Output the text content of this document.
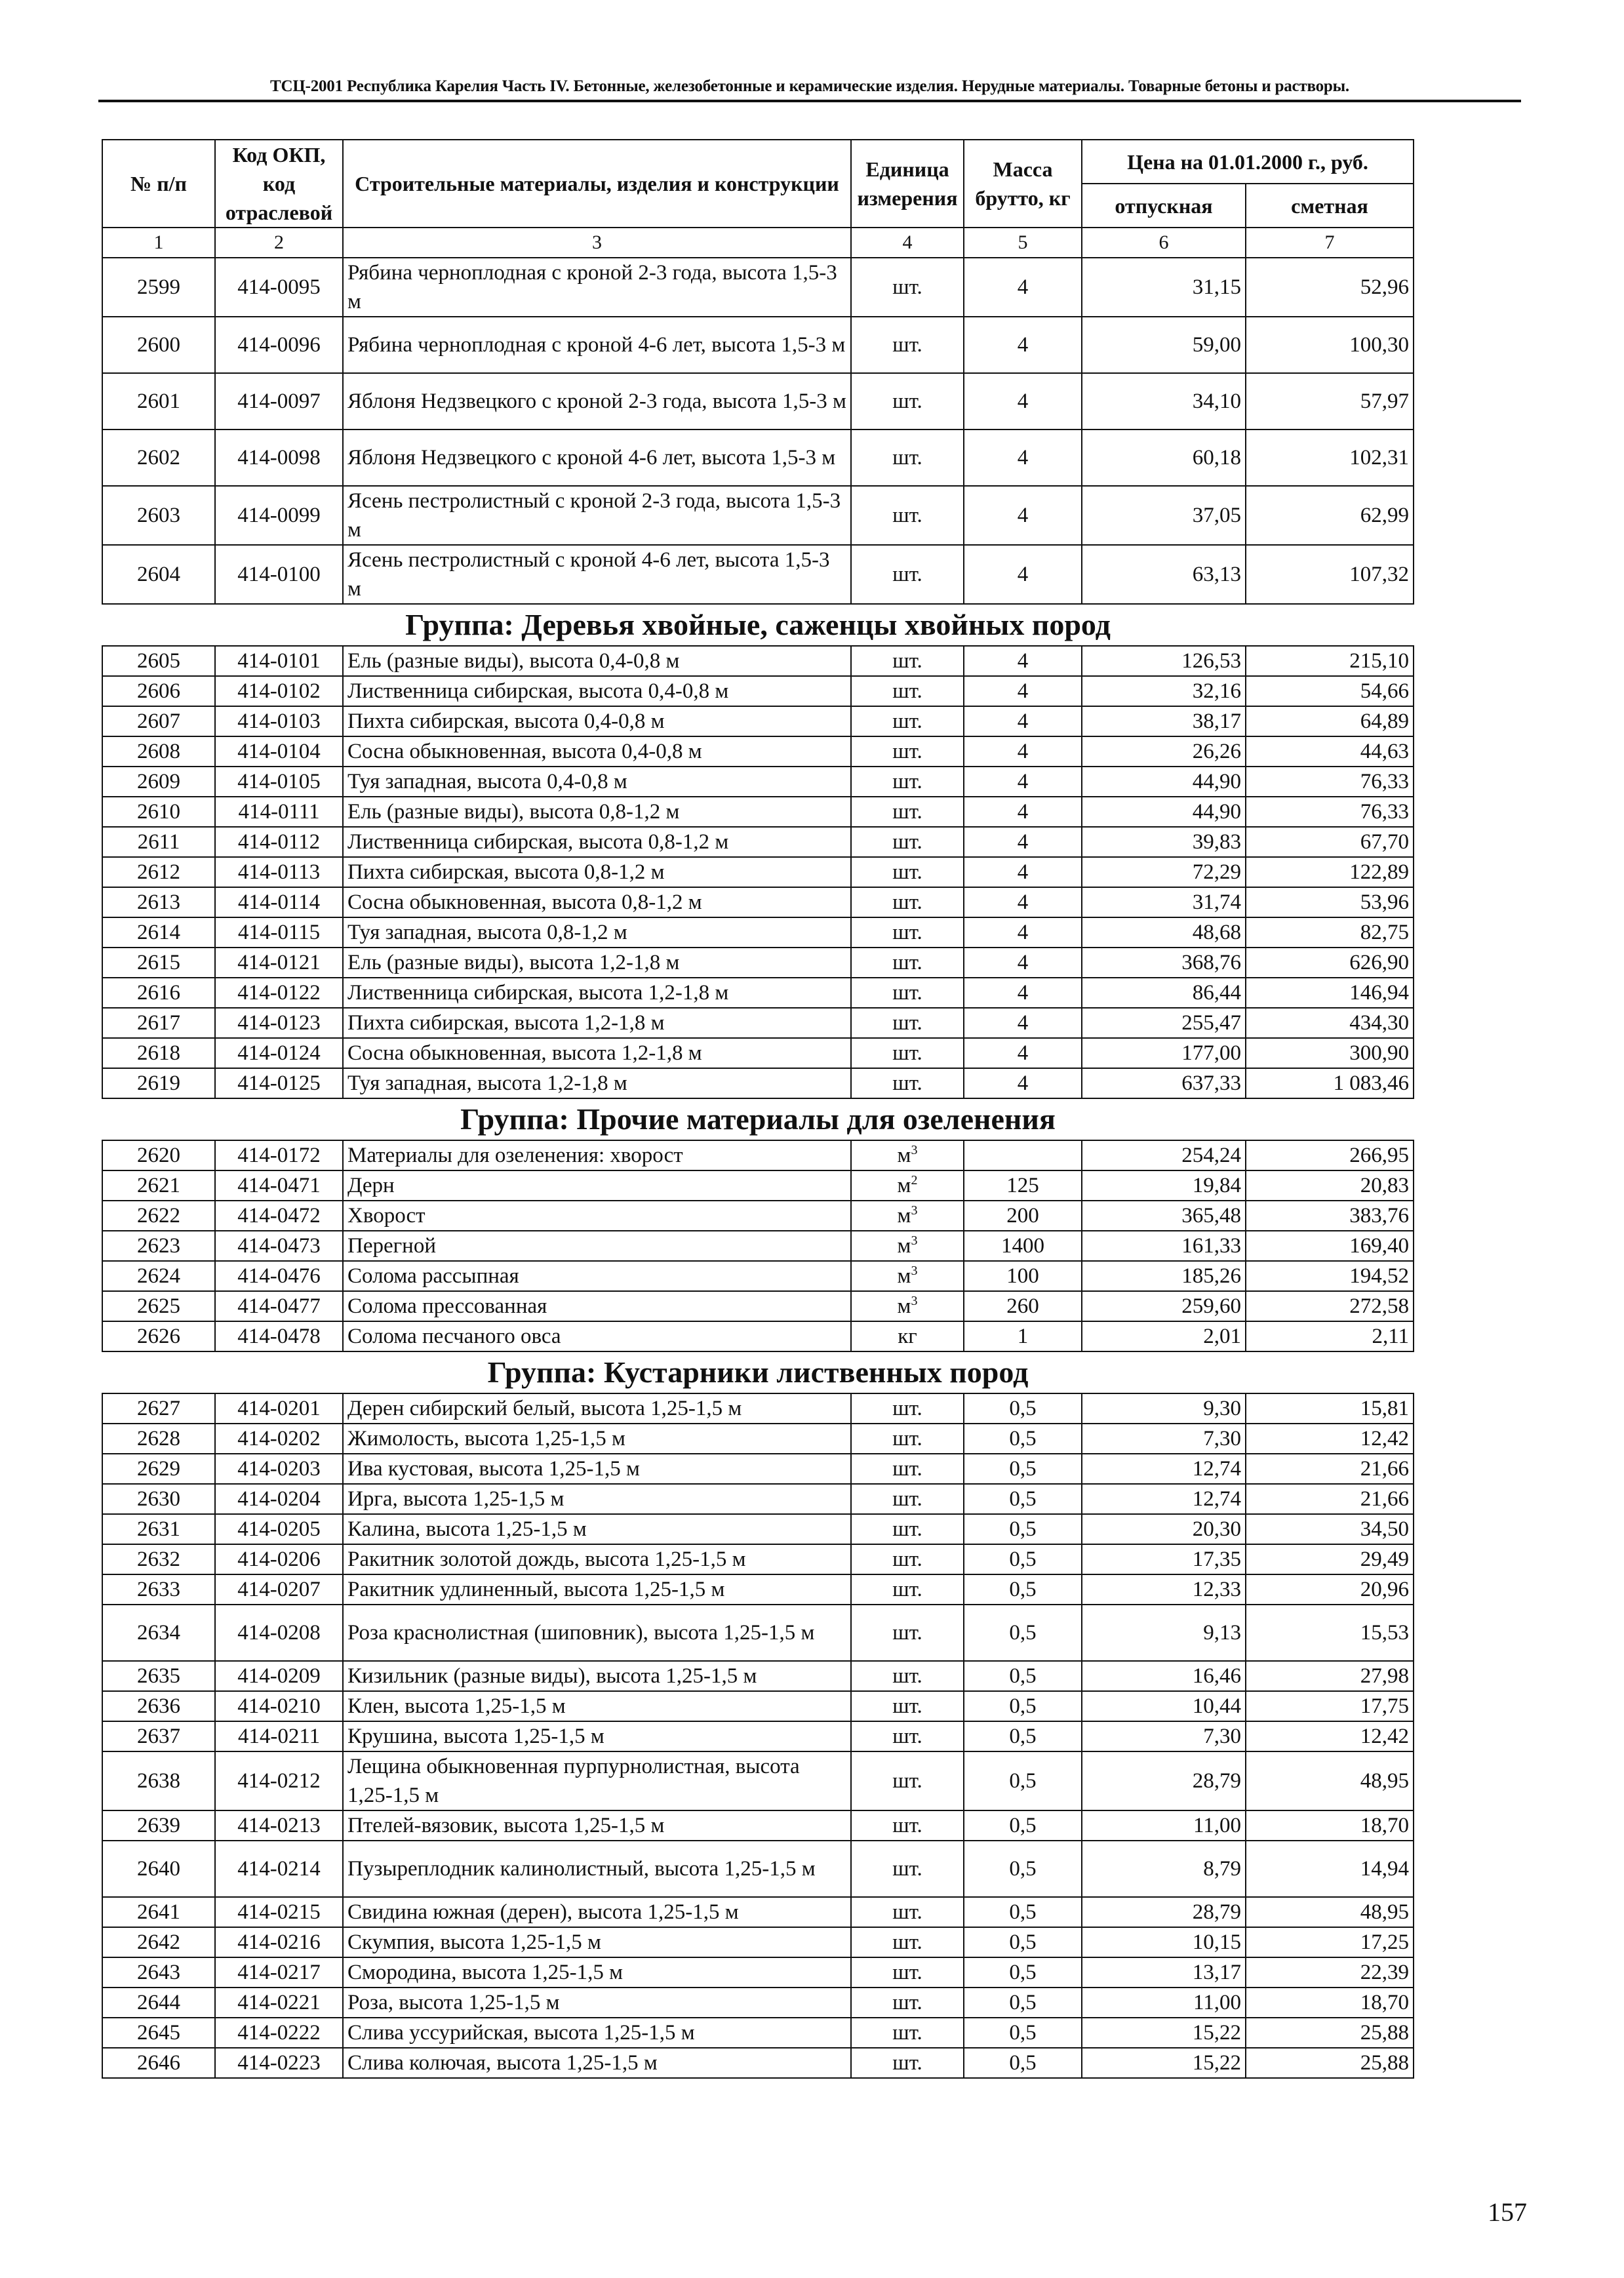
ТСЦ-2001 Республика Карелия Часть IV. Бетонные, железобетонные и керамические изделия. Нерудные материалы. Товарные бетоны и растворы.
№ п/п	Код ОКП, код отраслевой	Строительные материалы, изделия и конструкции	Единица измерения	Масса брутто, кг	Цена на 01.01.2000 г., руб.	
					отпускная	сметная
1	2	3	4	5	6	7
2599	414-0095	Рябина черноплодная с кроной 2-3 года, высота 1,5-3 м	шт.	4	31,15	52,96
2600	414-0096	Рябина черноплодная с кроной 4-6 лет, высота 1,5-3 м	шт.	4	59,00	100,30
2601	414-0097	Яблоня Недзвецкого с кроной 2-3 года, высота 1,5-3 м	шт.	4	34,10	57,97
2602	414-0098	Яблоня Недзвецкого с кроной 4-6 лет, высота 1,5-3 м	шт.	4	60,18	102,31
2603	414-0099	Ясень пестролистный с кроной 2-3 года, высота 1,5-3 м	шт.	4	37,05	62,99
2604	414-0100	Ясень пестролистный с кроной 4-6 лет, высота 1,5-3 м	шт.	4	63,13	107,32
Группа: Деревья хвойные, саженцы хвойных пород						
2605	414-0101	Ель (разные виды), высота 0,4-0,8 м	шт.	4	126,53	215,10
2606	414-0102	Лиственница сибирская, высота 0,4-0,8 м	шт.	4	32,16	54,66
2607	414-0103	Пихта сибирская, высота 0,4-0,8 м	шт.	4	38,17	64,89
2608	414-0104	Сосна обыкновенная, высота 0,4-0,8 м	шт.	4	26,26	44,63
2609	414-0105	Туя западная, высота 0,4-0,8 м	шт.	4	44,90	76,33
2610	414-0111	Ель (разные виды), высота 0,8-1,2 м	шт.	4	44,90	76,33
2611	414-0112	Лиственница сибирская, высота 0,8-1,2 м	шт.	4	39,83	67,70
2612	414-0113	Пихта сибирская, высота 0,8-1,2 м	шт.	4	72,29	122,89
2613	414-0114	Сосна обыкновенная, высота 0,8-1,2 м	шт.	4	31,74	53,96
2614	414-0115	Туя западная, высота 0,8-1,2 м	шт.	4	48,68	82,75
2615	414-0121	Ель (разные виды), высота 1,2-1,8 м	шт.	4	368,76	626,90
2616	414-0122	Лиственница сибирская, высота 1,2-1,8 м	шт.	4	86,44	146,94
2617	414-0123	Пихта сибирская, высота 1,2-1,8 м	шт.	4	255,47	434,30
2618	414-0124	Сосна обыкновенная, высота 1,2-1,8 м	шт.	4	177,00	300,90
2619	414-0125	Туя западная, высота 1,2-1,8 м	шт.	4	637,33	1 083,46
Группа: Прочие материалы для озеленения						
2620	414-0172	Материалы для озеленения: хворост	$м^3$		254,24	266,95
2621	414-0471	Дерн	$м^2$	125	19,84	20,83
2622	414-0472	Хворост	$м^3$	200	365,48	383,76
2623	414-0473	Перегной	$м^3$	1400	161,33	169,40
2624	414-0476	Солома рассыпная	$м^3$	100	185,26	194,52
2625	414-0477	Солома прессованная	$м^3$	260	259,60	272,58
2626	414-0478	Солома песчаного овса	кг	1	2,01	2,11
Группа: Кустарники лиственных пород						
2627	414-0201	Дерен сибирский белый, высота 1,25-1,5 м	шт.	0,5	9,30	15,81
2628	414-0202	Жимолость, высота 1,25-1,5 м	шт.	0,5	7,30	12,42
2629	414-0203	Ива кустовая, высота 1,25-1,5 м	шт.	0,5	12,74	21,66
2630	414-0204	Ирга, высота 1,25-1,5 м	шт.	0,5	12,74	21,66
2631	414-0205	Калина, высота 1,25-1,5 м	шт.	0,5	20,30	34,50
2632	414-0206	Ракитник золотой дождь, высота 1,25-1,5 м	шт.	0,5	17,35	29,49
2633	414-0207	Ракитник удлиненный, высота 1,25-1,5 м	шт.	0,5	12,33	20,96
2634	414-0208	Роза краснолистная (шиповник), высота 1,25-1,5 м	шт.	0,5	9,13	15,53
2635	414-0209	Кизильник (разные виды), высота 1,25-1,5 м	шт.	0,5	16,46	27,98
2636	414-0210	Клен, высота 1,25-1,5 м	шт.	0,5	10,44	17,75
2637	414-0211	Крушина, высота 1,25-1,5 м	шт.	0,5	7,30	12,42
2638	414-0212	Лещина обыкновенная пурпурнолистная, высота 1,25-1,5 м	шт.	0,5	28,79	48,95
2639	414-0213	Птелей-вязовик, высота 1,25-1,5 м	шт.	0,5	11,00	18,70
2640	414-0214	Пузыреплодник калинолистный, высота 1,25-1,5 м	шт.	0,5	8,79	14,94
2641	414-0215	Свидина южная (дерен), высота 1,25-1,5 м	шт.	0,5	28,79	48,95
2642	414-0216	Скумпия, высота 1,25-1,5 м	шт.	0,5	10,15	17,25
2643	414-0217	Смородина, высота 1,25-1,5 м	шт.	0,5	13,17	22,39
2644	414-0221	Роза, высота 1,25-1,5 м	шт.	0,5	11,00	18,70
2645	414-0222	Слива уссурийская, высота 1,25-1,5 м	шт.	0,5	15,22	25,88
2646	414-0223	Слива колючая, высота 1,25-1,5 м	шт.	0,5	15,22	25,88
157
